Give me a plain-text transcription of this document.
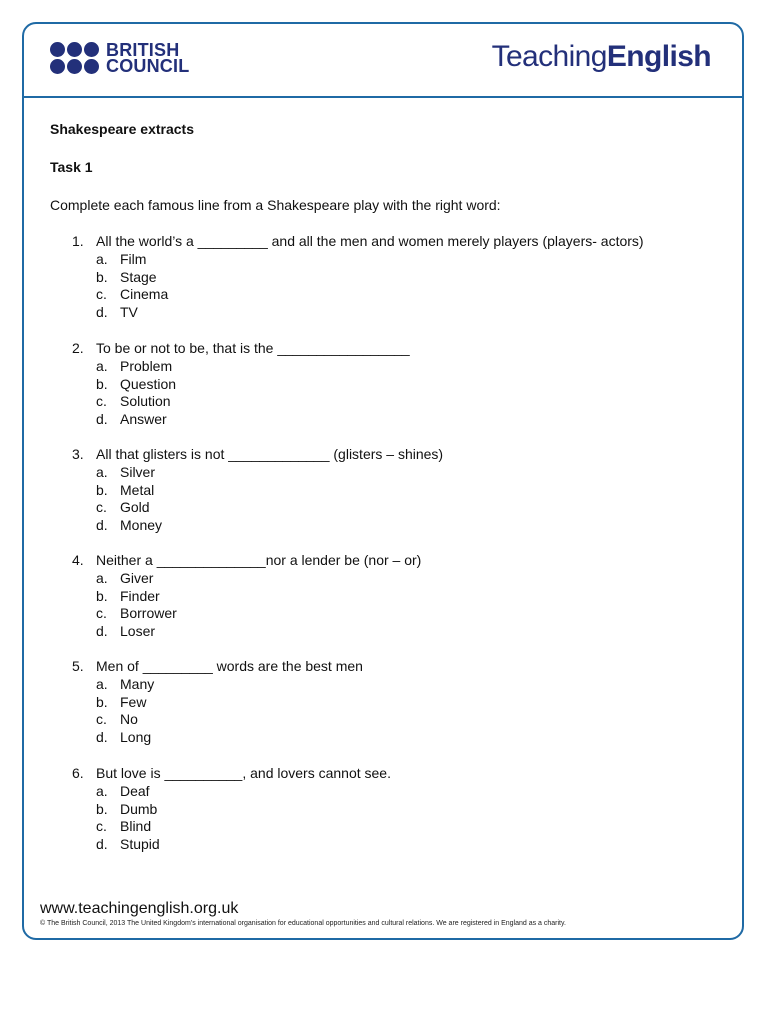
BRITISH
COUNCIL	TeachingEnglish
Shakespeare extracts
Task 1
Complete each famous line from a Shakespeare play with the right word:
1. All the world’s a _________ and all the men and women merely players (players- actors)
a. Film
b. Stage
c. Cinema
d. TV
2. To be or not to be, that is the _________________
a. Problem
b. Question
c. Solution
d. Answer
3. All that glisters is not _____________ (glisters – shines)
a. Silver
b. Metal
c. Gold
d. Money
4. Neither a ______________nor a lender be (nor – or)
a. Giver
b. Finder
c. Borrower
d. Loser
5. Men of _________ words are the best men
a. Many
b. Few
c. No
d. Long
6. But love is __________, and lovers cannot see.
a. Deaf
b. Dumb
c. Blind
d. Stupid
www.teachingenglish.org.uk
© The British Council, 2013 The United Kingdom’s international organisation for educational opportunities and cultural relations. We are registered in England as a charity.
